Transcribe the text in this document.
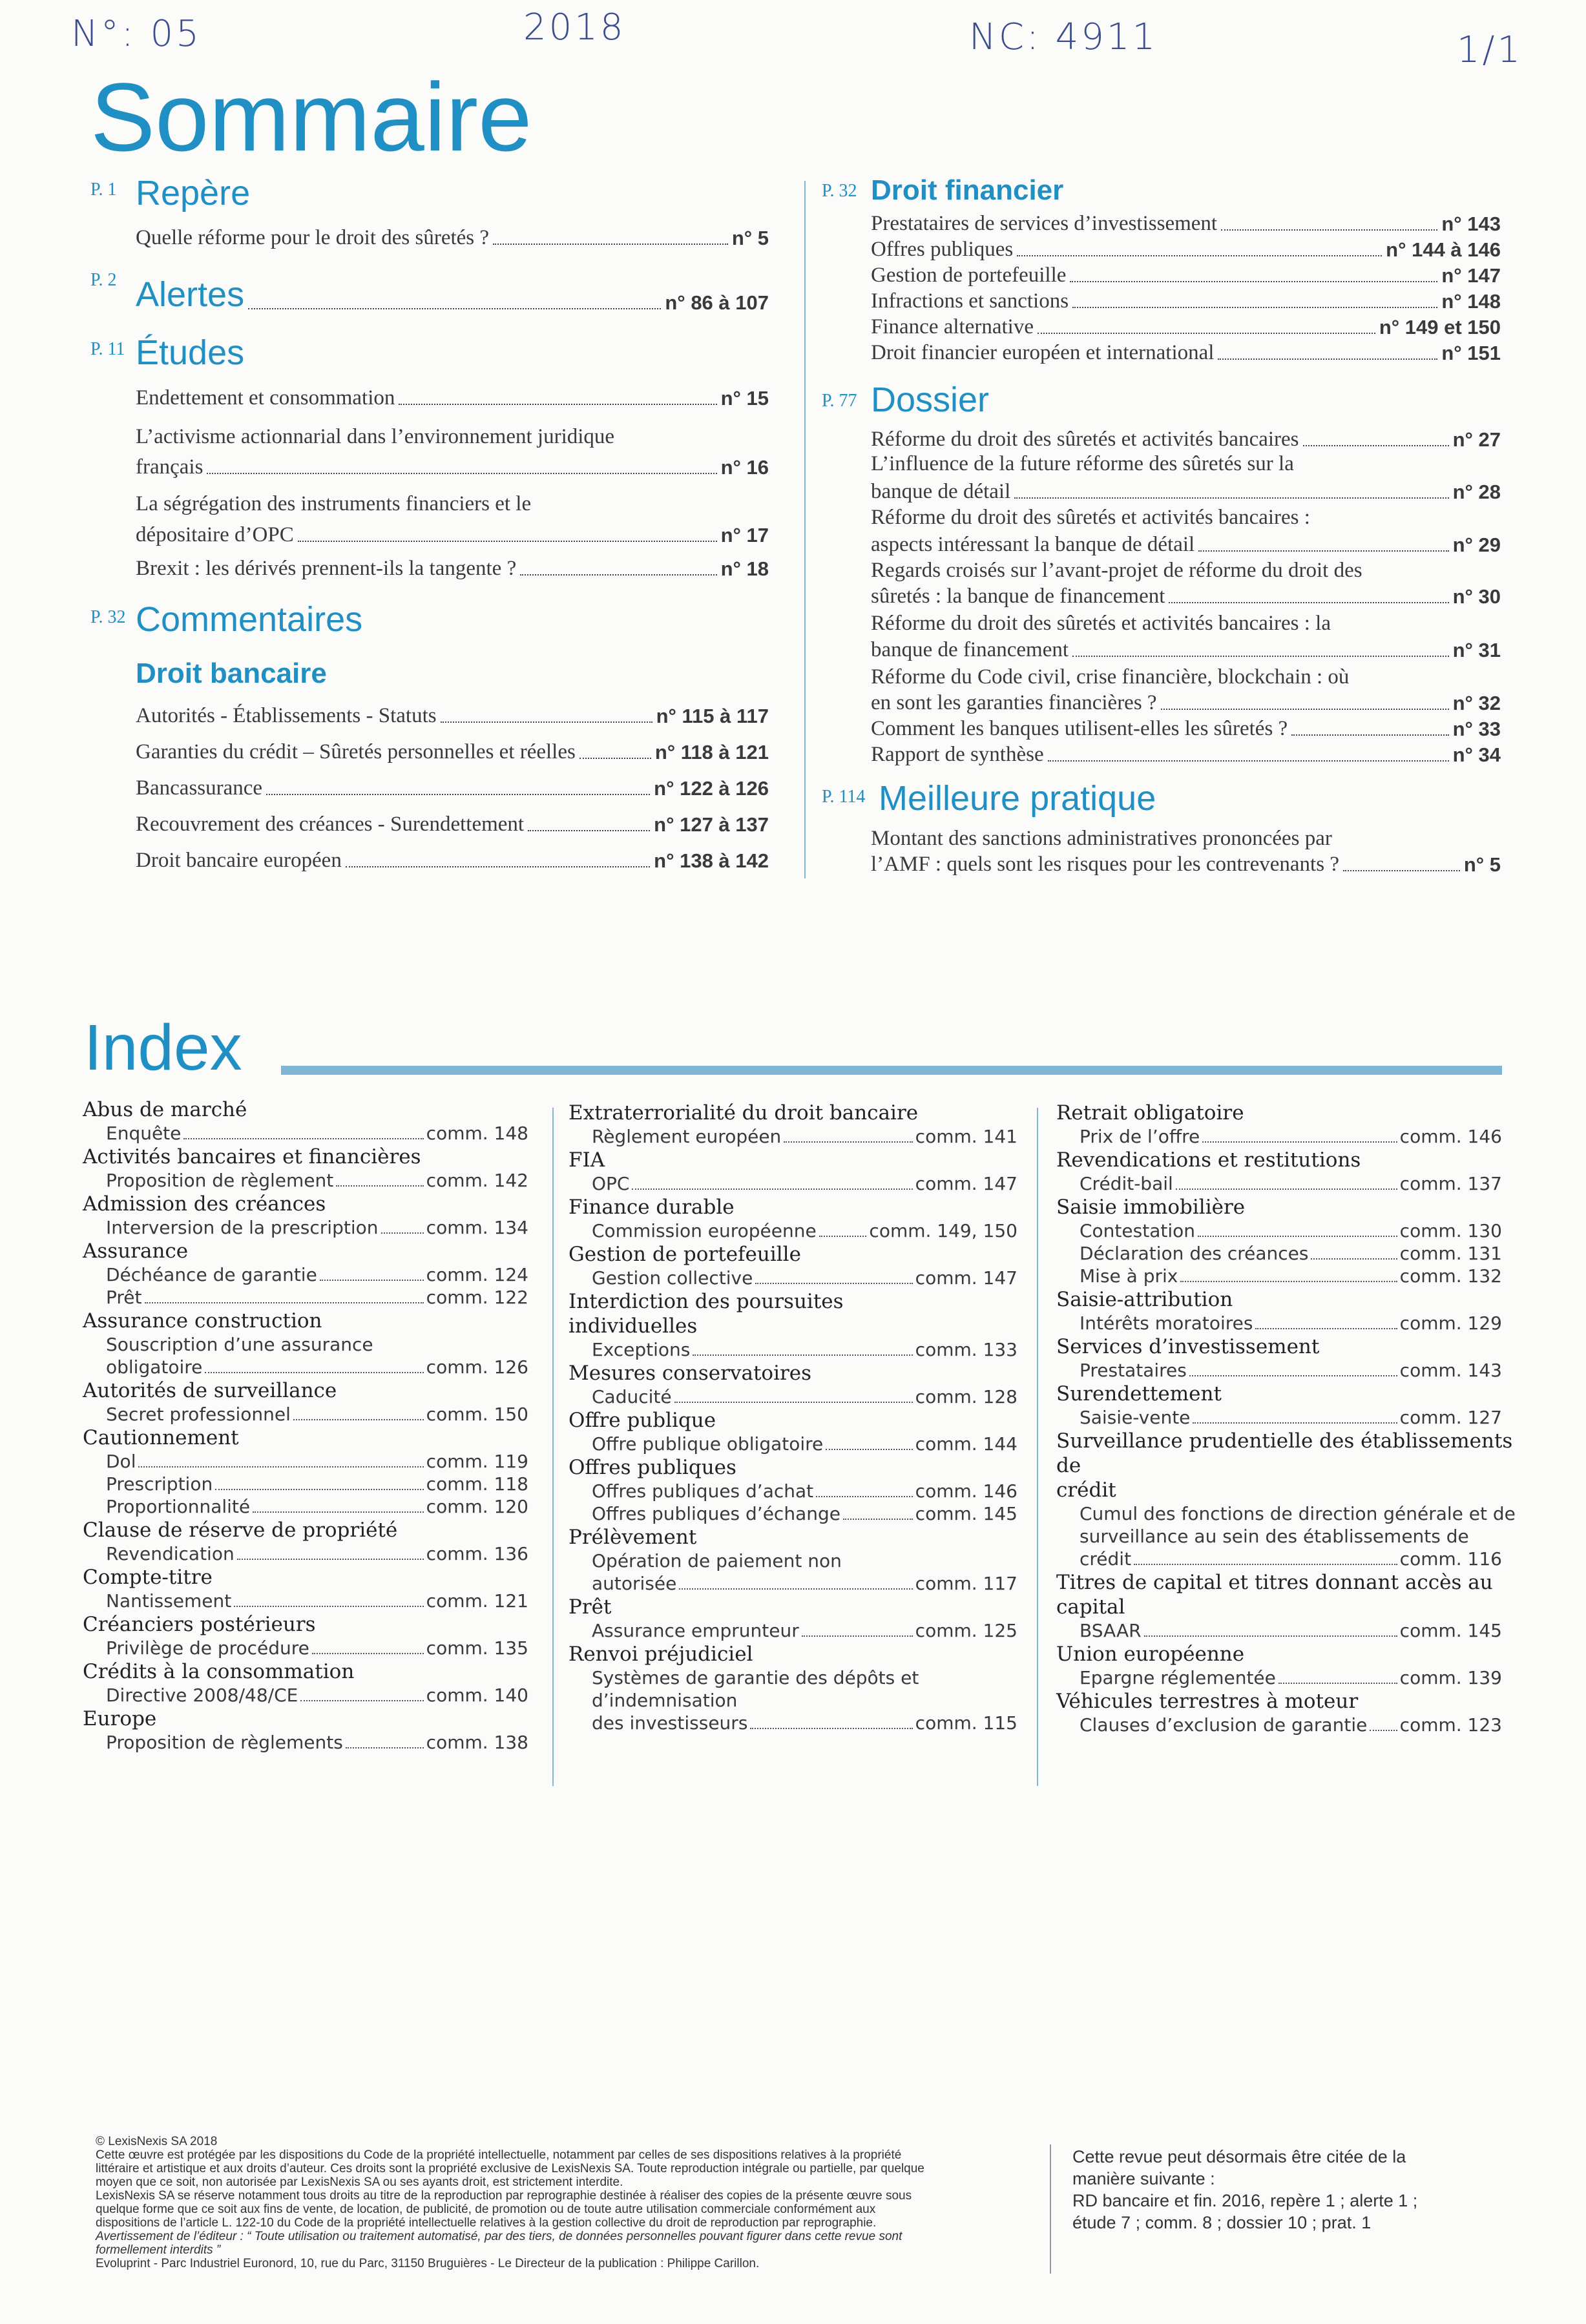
N°: 05	2018	NC: 4911	1/1
Sommaire
P. 1 Repère
Quelle réforme pour le droit des sûretés ?	n° 5
P. 2 Alertes	n° 86 à 107
P. 11 Études
Endettement et consommation	n° 15
L’activisme actionnarial dans l’environnement juridique
français	n° 16
La ségrégation des instruments financiers et le
dépositaire d’OPC	n° 17
Brexit : les dérivés prennent-ils la tangente ?	n° 18
P. 32 Commentaires
Droit bancaire
Autorités - Établissements - Statuts	n° 115 à 117
Garanties du crédit – Sûretés personnelles et réelles	n° 118 à 121
Bancassurance	n° 122 à 126
Recouvrement des créances - Surendettement	n° 127 à 137
Droit bancaire européen	n° 138 à 142
P. 32 Droit financier
Prestataires de services d’investissement	n° 143
Offres publiques	n° 144 à 146
Gestion de portefeuille	n° 147
Infractions et sanctions	n° 148
Finance alternative	n° 149 et 150
Droit financier européen et international	n° 151
P. 77 Dossier
Réforme du droit des sûretés et activités bancaires	n° 27
L’influence de la future réforme des sûretés sur la
banque de détail	n° 28
Réforme du droit des sûretés et activités bancaires :
aspects intéressant la banque de détail	n° 29
Regards croisés sur l’avant-projet de réforme du droit des
sûretés : la banque de financement	n° 30
Réforme du droit des sûretés et activités bancaires : la
banque de financement	n° 31
Réforme du Code civil, crise financière, blockchain : où
en sont les garanties financières ?	n° 32
Comment les banques utilisent-elles les sûretés ?	n° 33
Rapport de synthèse	n° 34
P. 114 Meilleure pratique
Montant des sanctions administratives prononcées par
l’AMF : quels sont les risques pour les contrevenants ?	n° 5
Index
Abus de marché
Enquête	comm. 148
Activités bancaires et financières
Proposition de règlement	comm. 142
Admission des créances
Interversion de la prescription	comm. 134
Assurance
Déchéance de garantie	comm. 124
Prêt	comm. 122
Assurance construction
Souscription d’une assurance
obligatoire	comm. 126
Autorités de surveillance
Secret professionnel	comm. 150
Cautionnement
Dol	comm. 119
Prescription	comm. 118
Proportionnalité	comm. 120
Clause de réserve de propriété
Revendication	comm. 136
Compte-titre
Nantissement	comm. 121
Créanciers postérieurs
Privilège de procédure	comm. 135
Crédits à la consommation
Directive 2008/48/CE	comm. 140
Europe
Proposition de règlements	comm. 138
Extraterrorialité du droit bancaire
Règlement européen	comm. 141
FIA
OPC	comm. 147
Finance durable
Commission européenne	comm. 149, 150
Gestion de portefeuille
Gestion collective	comm. 147
Interdiction des poursuites
individuelles
Exceptions	comm. 133
Mesures conservatoires
Caducité	comm. 128
Offre publique
Offre publique obligatoire	comm. 144
Offres publiques
Offres publiques d’achat	comm. 146
Offres publiques d’échange	comm. 145
Prélèvement
Opération de paiement non
autorisée	comm. 117
Prêt
Assurance emprunteur	comm. 125
Renvoi préjudiciel
Systèmes de garantie des dépôts et
d’indemnisation
des investisseurs	comm. 115
Retrait obligatoire
Prix de l’offre	comm. 146
Revendications et restitutions
Crédit-bail	comm. 137
Saisie immobilière
Contestation	comm. 130
Déclaration des créances	comm. 131
Mise à prix	comm. 132
Saisie-attribution
Intérêts moratoires	comm. 129
Services d’investissement
Prestataires	comm. 143
Surendettement
Saisie-vente	comm. 127
Surveillance prudentielle des établissements
de
crédit
Cumul des fonctions de direction générale et de
surveillance au sein des établissements de
crédit	comm. 116
Titres de capital et titres donnant accès au
capital
BSAAR	comm. 145
Union européenne
Epargne réglementée	comm. 139
Véhicules terrestres à moteur
Clauses d’exclusion de garantie comm. 123
© LexisNexis SA 2018
Cette œuvre est protégée par les dispositions du Code de la propriété intellectuelle, notamment par celles de ses dispositions relatives à la propriété
littéraire et artistique et aux droits d’auteur. Ces droits sont la propriété exclusive de LexisNexis SA. Toute reproduction intégrale ou partielle, par quelque
moyen que ce soit, non autorisée par LexisNexis SA ou ses ayants droit, est strictement interdite.
LexisNexis SA se réserve notamment tous droits au titre de la reproduction par reprographie destinée à réaliser des copies de la présente œuvre sous
quelque forme que ce soit aux fins de vente, de location, de publicité, de promotion ou de toute autre utilisation commerciale conformément aux
dispositions de l’article L. 122-10 du Code de la propriété intellectuelle relatives à la gestion collective du droit de reproduction par reprographie.
Avertissement de l’éditeur : “ Toute utilisation ou traitement automatisé, par des tiers, de données personnelles pouvant figurer dans cette revue sont
formellement interdits ”
Evoluprint - Parc Industriel Euronord, 10, rue du Parc, 31150 Bruguières - Le Directeur de la publication : Philippe Carillon.
Cette revue peut désormais être citée de la
manière suivante :
RD bancaire et fin. 2016, repère 1 ; alerte 1 ;
étude 7 ; comm. 8 ; dossier 10 ; prat. 1
